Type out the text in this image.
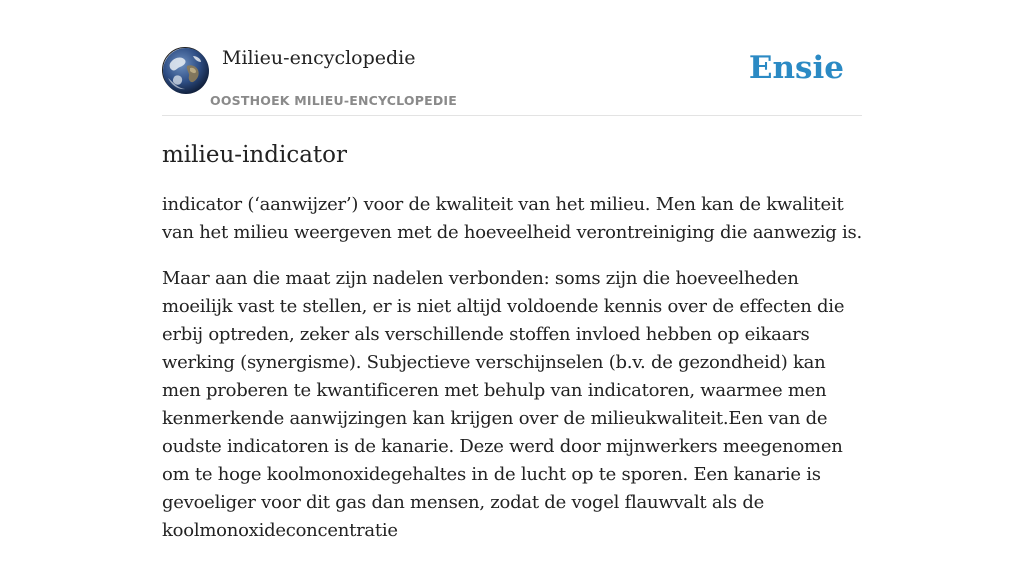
Milieu-encyclopedie
OOSTHOEK MILIEU-ENCYCLOPEDIE
Ensie
milieu-indicator

indicator (‘aanwijzer’) voor de kwaliteit van het milieu. Men kan de kwaliteit van het milieu weergeven met de hoeveelheid verontreiniging die aanwezig is.

Maar aan die maat zijn nadelen verbonden: soms zijn die hoeveelheden moeilijk vast te stellen, er is niet altijd voldoende kennis over de effecten die erbij optreden, zeker als verschillende stoffen invloed hebben op eikaars werking (synergisme). Subjectieve verschijnselen (b.v. de gezondheid) kan men proberen te kwantificeren met behulp van indicatoren, waarmee men kenmerkende aanwijzingen kan krijgen over de milieukwaliteit.Een van de oudste indicatoren is de kanarie. Deze werd door mijnwerkers meegenomen om te hoge koolmonoxidegehaltes in de lucht op te sporen. Een kanarie is gevoeliger voor dit gas dan mensen, zodat de vogel flauwvalt als de koolmonoxideconcentratie
